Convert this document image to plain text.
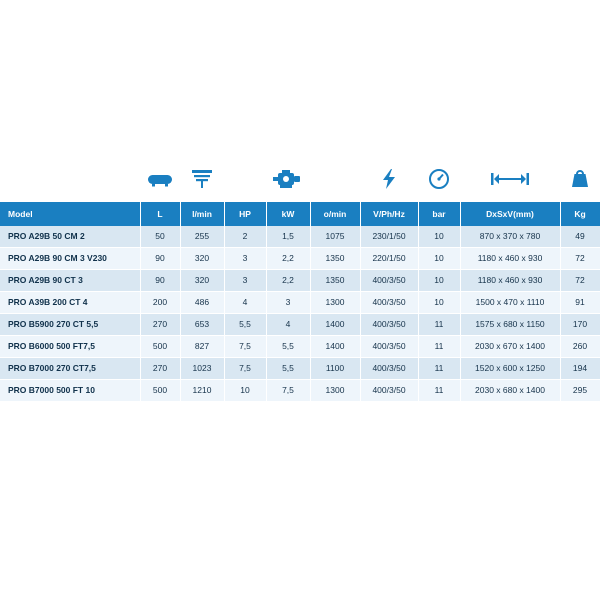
Model	L	l/min	HP	kW	o/min	V/Ph/Hz	bar	DxSxV(mm)	Kg
PRO A29B 50 CM 2	50	255	2	1,5	1075	230/1/50	10	870 x 370 x 780	49
PRO A29B 90 CM 3 V230	90	320	3	2,2	1350	220/1/50	10	1180 x 460 x 930	72
PRO A29B 90 CT 3	90	320	3	2,2	1350	400/3/50	10	1180 x 460 x 930	72
PRO A39B 200 CT 4	200	486	4	3	1300	400/3/50	10	1500 x 470 x 1110	91
PRO B5900 270 CT 5,5	270	653	5,5	4	1400	400/3/50	11	1575 x 680 x 1150	170
PRO B6000 500 FT7,5	500	827	7,5	5,5	1400	400/3/50	11	2030 x 670 x 1400	260
PRO B7000 270 CT7,5	270	1023	7,5	5,5	1100	400/3/50	11	1520 x 600 x 1250	194
PRO B7000 500 FT 10	500	1210	10	7,5	1300	400/3/50	11	2030 x 680 x 1400	295
